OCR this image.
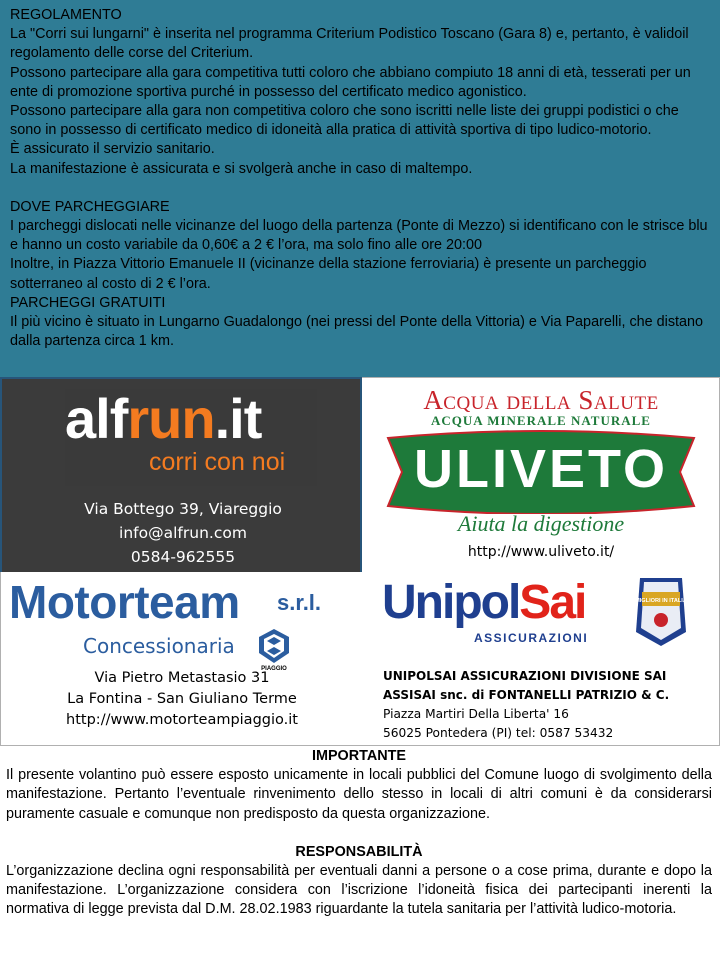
REGOLAMENTO

La "Corri sui lungarni" è inserita nel programma Criterium Podistico Toscano (Gara 8) e, pertanto, è validoil regolamento delle corse del Criterium.

Possono partecipare alla gara competitiva tutti coloro che abbiano compiuto 18 anni di età, tesserati per un ente di promozione sportiva purché in possesso del certificato medico agonistico.

Possono partecipare alla gara non competitiva coloro che sono iscritti nelle liste dei gruppi podistici o che sono in possesso di certificato medico di idoneità alla pratica di attività sportiva di tipo ludico-motorio.

È assicurato il servizio sanitario.

La manifestazione è assicurata e si svolgerà anche in caso di maltempo.

DOVE PARCHEGGIARE

I parcheggi dislocati nelle vicinanze del luogo della partenza (Ponte di Mezzo) si identificano con le strisce blu e hanno un costo variabile da 0,60€ a 2 € l’ora, ma solo fino alle ore 20:00

Inoltre, in Piazza Vittorio Emanuele II (vicinanze della stazione ferroviaria) è presente un parcheggio sotterraneo al costo di 2 € l’ora.

PARCHEGGI GRATUITI

Il più vicino è situato in Lungarno Guadalongo (nei pressi del Ponte della Vittoria) e Via Paparelli, che distano dalla partenza circa 1 km.

alfrun.it
corri con noi
Via Bottego 39, Viareggio
info@alfrun.com
0584-962555
Acqua della Salute
ACQUA MINERALE NATURALE
ULIVETO
Aiuta la digestione
http://www.uliveto.it/
Motorteam s.r.l.
Concessionaria
Via Pietro Metastasio 31
La Fontina - San Giuliano Terme
http://www.motorteampiaggio.it
PIAGGIO
UnipolSai
ASSICURAZIONI
MIGLIORI IN ITALIA
UNIPOLSAI ASSICURAZIONI DIVISIONE SAI
ASSISAI snc. di FONTANELLI PATRIZIO & C.
Piazza Martiri Della Liberta' 16
56025 Pontedera (PI) tel: 0587 53432
IMPORTANTE

Il presente volantino può essere esposto unicamente in locali pubblici del Comune luogo di svolgimento della manifestazione. Pertanto l’eventuale rinvenimento dello stesso in locali di altri comuni è da considerarsi puramente casuale e comunque non predisposto da questa organizzazione.

RESPONSABILITÀ

L’organizzazione declina ogni responsabilità per eventuali danni a persone o a cose prima, durante e dopo la manifestazione. L’organizzazione considera con l’iscrizione l’idoneità fisica dei partecipanti inerenti la normativa di legge prevista dal D.M. 28.02.1983 riguardante la tutela sanitaria per l’attività ludico-motoria.
